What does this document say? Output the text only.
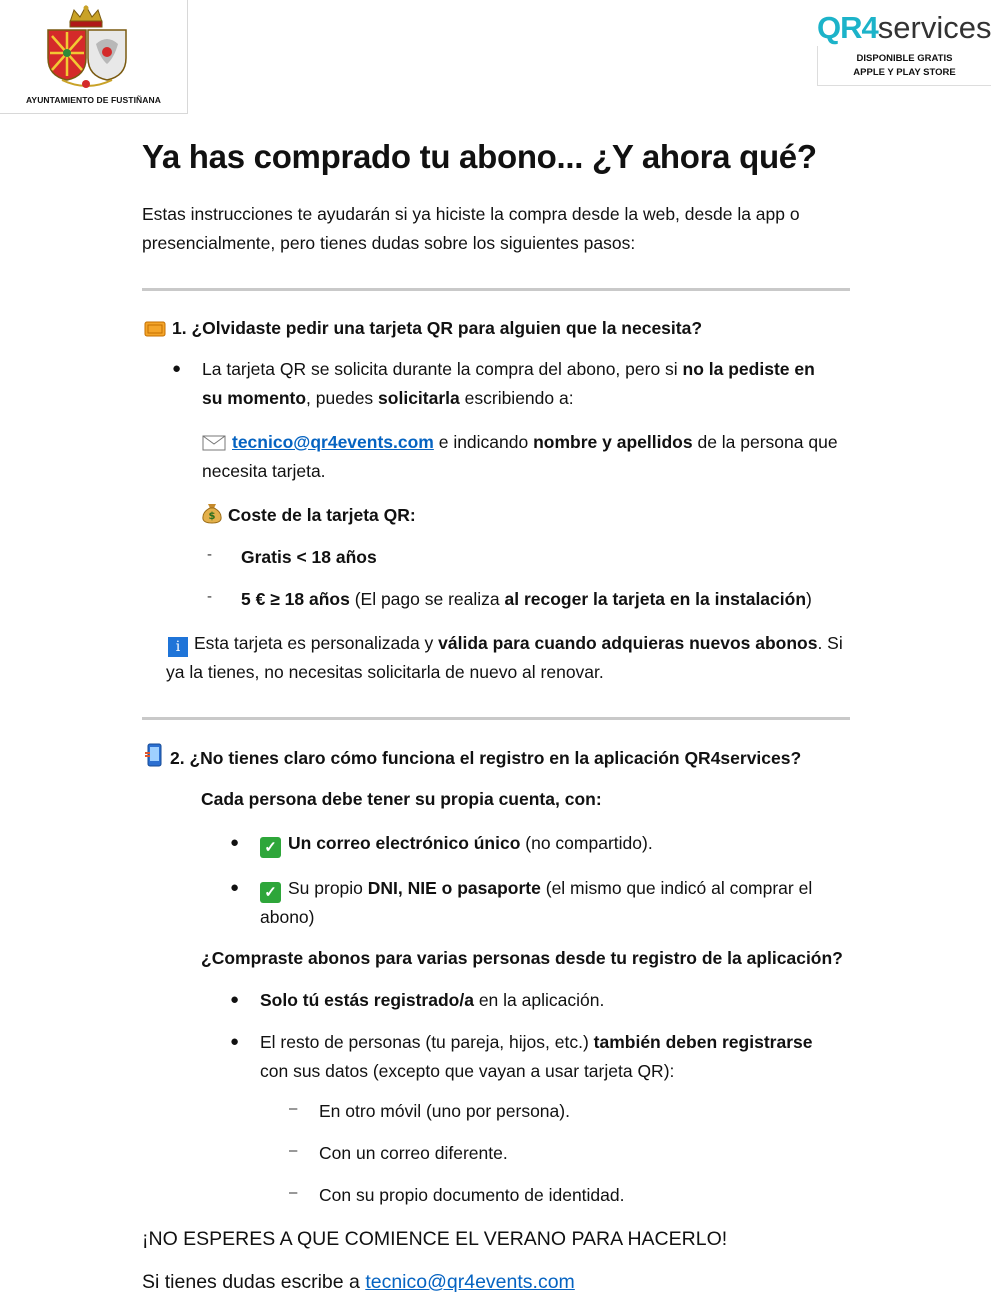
AYUNTAMIENTO DE FUSTIÑANA
QR4services
DISPONIBLE GRATIS
APPLE Y PLAY STORE
Ya has comprado tu abono... ¿Y ahora qué?
Estas instrucciones te ayudarán si ya hiciste la compra desde la web, desde la app o
presencialmente, pero tienes dudas sobre los siguientes pasos:
1. ¿Olvidaste pedir una tarjeta QR para alguien que la necesita?
● La tarjeta QR se solicita durante la compra del abono, pero si no la pediste en
su momento, puedes solicitarla escribiendo a:
tecnico@qr4events.com e indicando nombre y apellidos de la persona que
necesita tarjeta.
$ Coste de la tarjeta QR:
- Gratis < 18 años
- 5 € ≥ 18 años (El pago se realiza al recoger la tarjeta en la instalación)
i Esta tarjeta es personalizada y válida para cuando adquieras nuevos abonos. Si
ya la tienes, no necesitas solicitarla de nuevo al renovar.
2. ¿No tienes claro cómo funciona el registro en la aplicación QR4services?
Cada persona debe tener su propia cuenta, con:
● ✓ Un correo electrónico único (no compartido).
● ✓ Su propio DNI, NIE o pasaporte (el mismo que indicó al comprar el
abono)
¿Compraste abonos para varias personas desde tu registro de la aplicación?
● Solo tú estás registrado/a en la aplicación.
● El resto de personas (tu pareja, hijos, etc.) también deben registrarse
con sus datos (excepto que vayan a usar tarjeta QR):
– En otro móvil (uno por persona).
– Con un correo diferente.
– Con su propio documento de identidad.
¡NO ESPERES A QUE COMIENCE EL VERANO PARA HACERLO!
Si tienes dudas escribe a tecnico@qr4events.com
